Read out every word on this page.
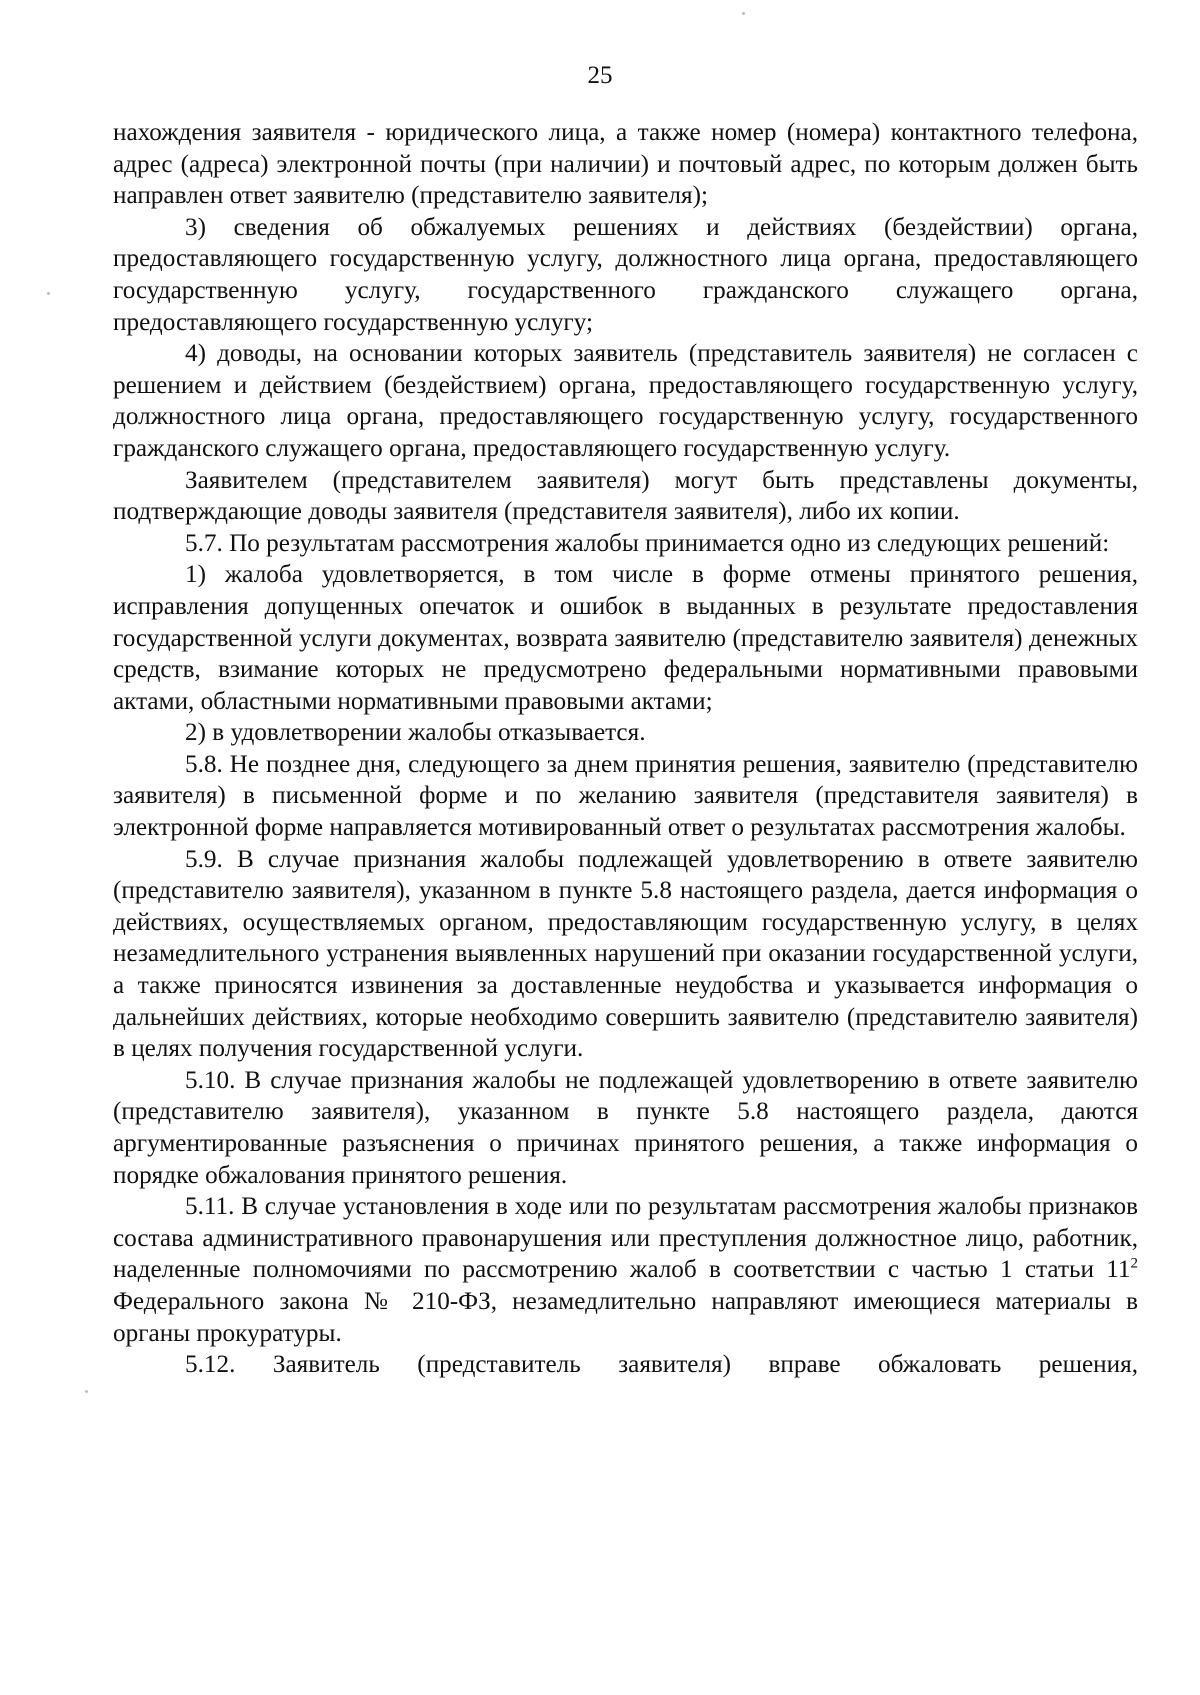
25

нахождения заявителя - юридического лица, а также номер (номера) контактного телефона, адрес (адреса) электронной почты (при наличии) и почтовый адрес, по которым должен быть направлен ответ заявителю (представителю заявителя);

3) сведения об обжалуемых решениях и действиях (бездействии) органа, предоставляющего государственную услугу, должностного лица органа, предоставляющего государственную услугу, государственного гражданского служащего органа, предоставляющего государственную услугу;

4) доводы, на основании которых заявитель (представитель заявителя) не согласен с решением и действием (бездействием) органа, предоставляющего государственную услугу, должностного лица органа, предоставляющего государственную услугу, государственного гражданского служащего органа, предоставляющего государственную услугу.

Заявителем (представителем заявителя) могут быть представлены документы, подтверждающие доводы заявителя (представителя заявителя), либо их копии.

5.7. По результатам рассмотрения жалобы принимается одно из следующих решений:

1) жалоба удовлетворяется, в том числе в форме отмены принятого решения, исправления допущенных опечаток и ошибок в выданных в результате предоставления государственной услуги документах, возврата заявителю (представителю заявителя) денежных средств, взимание которых не предусмотрено федеральными нормативными правовыми актами, областными нормативными правовыми актами;

2) в удовлетворении жалобы отказывается.

5.8. Не позднее дня, следующего за днем принятия решения, заявителю (представителю заявителя) в письменной форме и по желанию заявителя (представителя заявителя) в электронной форме направляется мотивированный ответ о результатах рассмотрения жалобы.

5.9. В случае признания жалобы подлежащей удовлетворению в ответе заявителю (представителю заявителя), указанном в пункте 5.8 настоящего раздела, дается информация о действиях, осуществляемых органом, предоставляющим государственную услугу, в целях незамедлительного устранения выявленных нарушений при оказании государственной услуги, а также приносятся извинения за доставленные неудобства и указывается информация о дальнейших действиях, которые необходимо совершить заявителю (представителю заявителя) в целях получения государственной услуги.

5.10. В случае признания жалобы не подлежащей удовлетворению в ответе заявителю (представителю заявителя), указанном в пункте 5.8 настоящего раздела, даются аргументированные разъяснения о причинах принятого решения, а также информация о порядке обжалования принятого решения.

5.11. В случае установления в ходе или по результатам рассмотрения жалобы признаков состава административного правонарушения или преступления должностное лицо, работник, наделенные полномочиями по рассмотрению жалоб в соответствии с частью 1 статьи $11^2$ Федерального закона № 210-ФЗ, незамедлительно направляют имеющиеся материалы в органы прокуратуры.

5.12. Заявитель (представитель заявителя) вправе обжаловать решения,
